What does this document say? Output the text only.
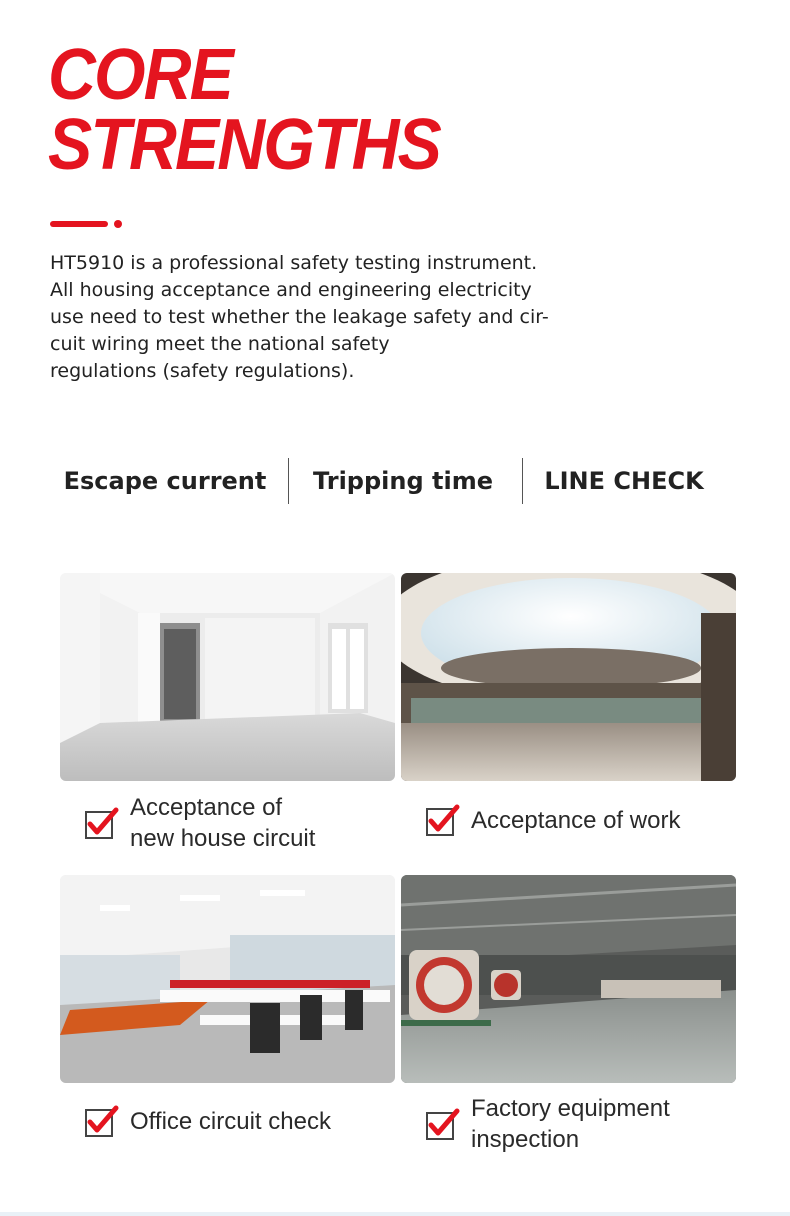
CORE
STRENGTHS
HT5910 is a professional safety testing instrument.
All housing acceptance and engineering electricity
use need to test whether the leakage safety and cir-
cuit wiring meet the national safety
regulations (safety regulations).
Escape current	Tripping time	LINE CHECK
Acceptance of
new house circuit
Acceptance of work
Office circuit check	Factory equipment
inspection
